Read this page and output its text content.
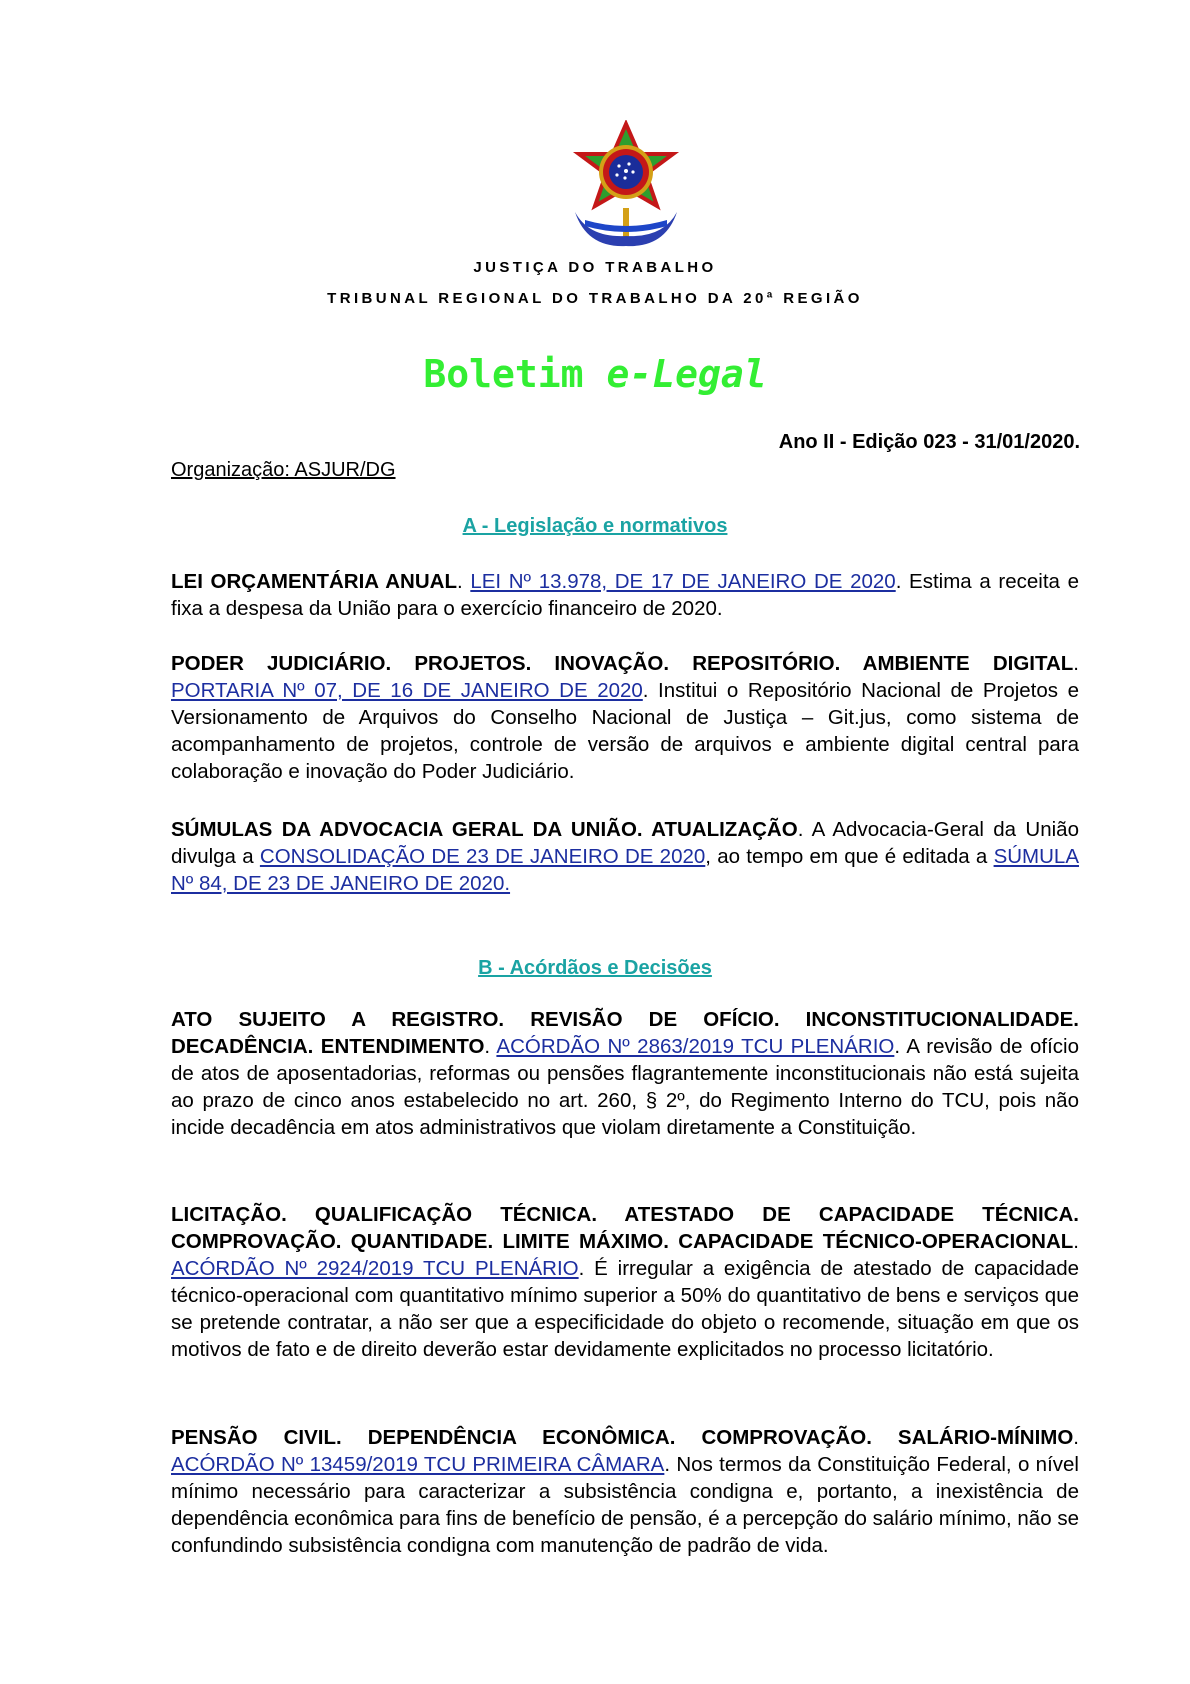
JUSTIÇA DO TRABALHO
TRIBUNAL REGIONAL DO TRABALHO DA 20ª REGIÃO
Boletim e-Legal
Ano II - Edição 023 - 31/01/2020.
Organização: ASJUR/DG
A - Legislação e normativos
LEI ORÇAMENTÁRIA ANUAL. LEI Nº 13.978, DE 17 DE JANEIRO DE 2020. Estima a receita e fixa a despesa da União para o exercício financeiro de 2020.
PODER JUDICIÁRIO. PROJETOS. INOVAÇÃO. REPOSITÓRIO. AMBIENTE DIGITAL. PORTARIA Nº 07, DE 16 DE JANEIRO DE 2020. Institui o Repositório Nacional de Projetos e Versionamento de Arquivos do Conselho Nacional de Justiça – Git.jus, como sistema de acompanhamento de projetos, controle de versão de arquivos e ambiente digital central para colaboração e inovação do Poder Judiciário.
SÚMULAS DA ADVOCACIA GERAL DA UNIÃO. ATUALIZAÇÃO. A Advocacia-Geral da União divulga a CONSOLIDAÇÃO DE 23 DE JANEIRO DE 2020, ao tempo em que é editada a SÚMULA Nº 84, DE 23 DE JANEIRO DE 2020.
B - Acórdãos e Decisões
ATO SUJEITO A REGISTRO. REVISÃO DE OFÍCIO. INCONSTITUCIONALIDADE. DECADÊNCIA. ENTENDIMENTO. ACÓRDÃO Nº 2863/2019 TCU PLENÁRIO. A revisão de ofício de atos de aposentadorias, reformas ou pensões flagrantemente inconstitucionais não está sujeita ao prazo de cinco anos estabelecido no art. 260, § 2º, do Regimento Interno do TCU, pois não incide decadência em atos administrativos que violam diretamente a Constituição.
LICITAÇÃO. QUALIFICAÇÃO TÉCNICA. ATESTADO DE CAPACIDADE TÉCNICA. COMPROVAÇÃO. QUANTIDADE. LIMITE MÁXIMO. CAPACIDADE TÉCNICO-OPERACIONAL. ACÓRDÃO Nº 2924/2019 TCU PLENÁRIO. É irregular a exigência de atestado de capacidade técnico-operacional com quantitativo mínimo superior a 50% do quantitativo de bens e serviços que se pretende contratar, a não ser que a especificidade do objeto o recomende, situação em que os motivos de fato e de direito deverão estar devidamente explicitados no processo licitatório.
PENSÃO CIVIL. DEPENDÊNCIA ECONÔMICA. COMPROVAÇÃO. SALÁRIO-MÍNIMO. ACÓRDÃO Nº 13459/2019 TCU PRIMEIRA CÂMARA. Nos termos da Constituição Federal, o nível mínimo necessário para caracterizar a subsistência condigna e, portanto, a inexistência de dependência econômica para fins de benefício de pensão, é a percepção do salário mínimo, não se confundindo subsistência condigna com manutenção de padrão de vida.
